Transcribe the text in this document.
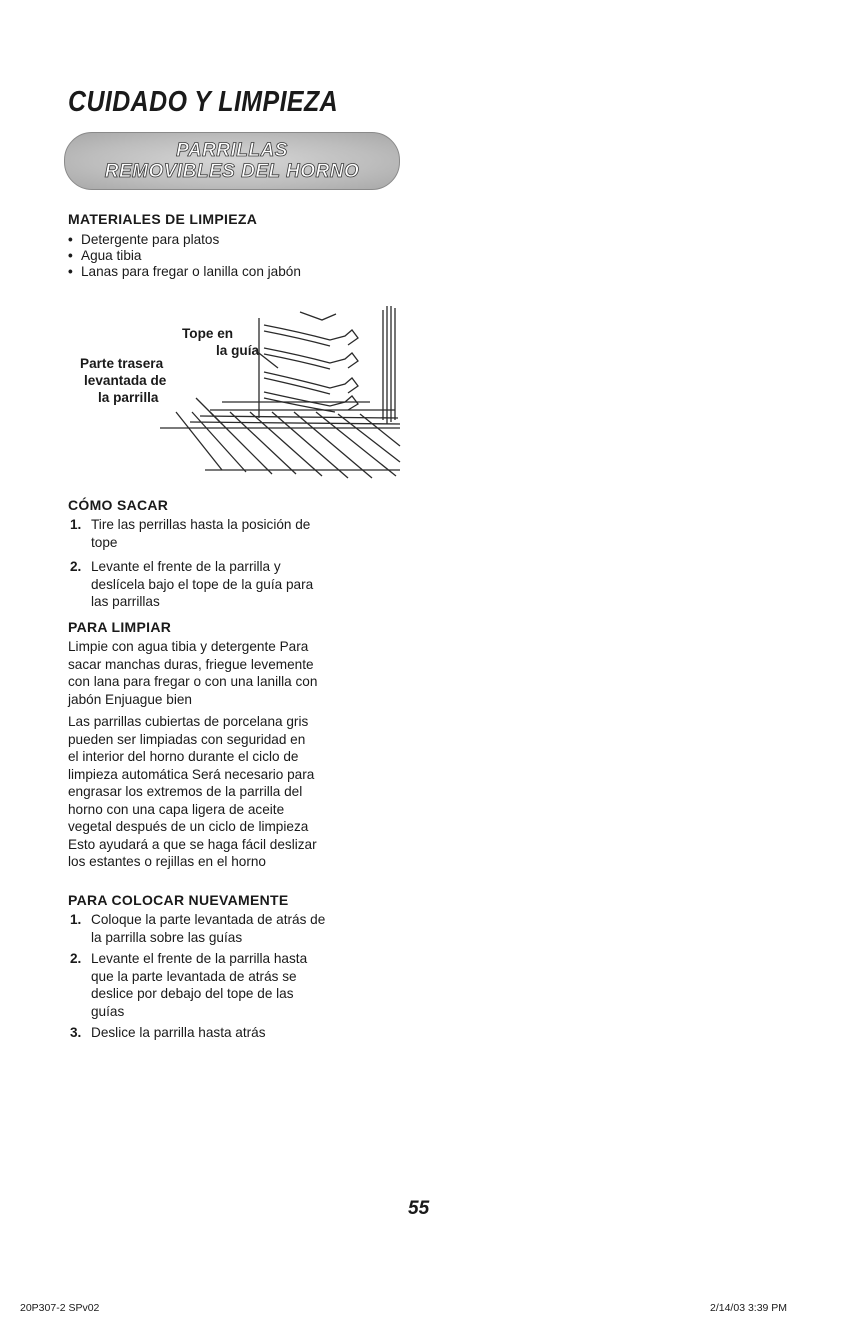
CUIDADO Y LIMPIEZA
PARRILLAS
REMOVIBLES DEL HORNO
MATERIALES DE LIMPIEZA
• Detergente para platos
• Agua tibia
• Lanas para fregar o lanilla con jabón
Tope en
la guía
Parte trasera
levantada de
la parrilla
CÓMO SACAR
1. Tire las perrillas hasta la posición de
tope
2. Levante el frente de la parrilla y
deslícela bajo el tope de la guía para
las parrillas
PARA LIMPIAR
Limpie con agua tibia y detergente Para
sacar manchas duras, friegue levemente
con lana para fregar o con una lanilla con
jabón Enjuague bien
Las parrillas cubiertas de porcelana gris
pueden ser limpiadas con seguridad en
el interior del horno durante el ciclo de
limpieza automática Será necesario para
engrasar los extremos de la parrilla del
horno con una capa ligera de aceite
vegetal después de un ciclo de limpieza
Esto ayudará a que se haga fácil deslizar
los estantes o rejillas en el horno
PARA COLOCAR NUEVAMENTE
1. Coloque la parte levantada de atrás de
la parrilla sobre las guías
2. Levante el frente de la parrilla hasta
que la parte levantada de atrás se
deslice por debajo del tope de las
guías
3. Deslice la parrilla hasta atrás
55
20P307-2 SPv02	2/14/03 3:39 PM
